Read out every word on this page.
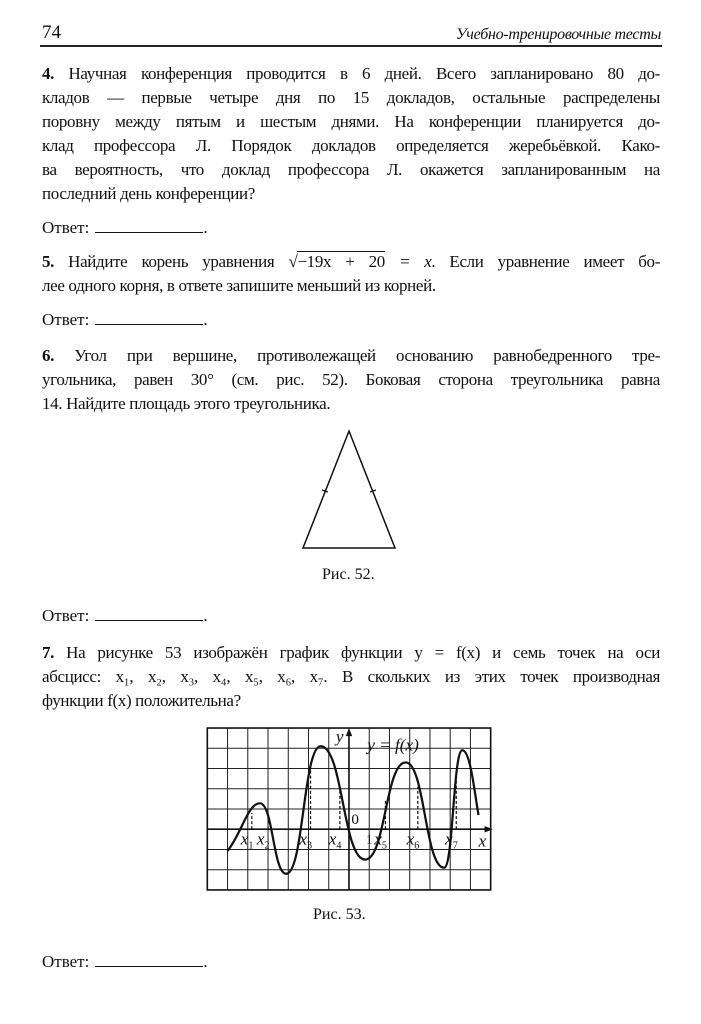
74	Учебно-тренировочные тесты
4. Научная конференция проводится в 6 дней. Всего запланировано 80 до-
кладов — первые четыре дня по 15 докладов, остальные распределены
поровну между пятым и шестым днями. На конференции планируется до-
клад профессора Л. Порядок докладов определяется жеребьёвкой. Како-
ва вероятность, что доклад профессора Л. окажется запланированным на
последний день конференции?
Ответ:	.
5. Найдите корень уравнения √−19x + 20 = x. Если уравнение имеет бо-
лее одного корня, в ответе запишите меньший из корней.
Ответ:	.
6. Угол при вершине, противолежащей основанию равнобедренного тре-
угольника, равен 30° (см. рис. 52). Боковая сторона треугольника равна
14. Найдите площадь этого треугольника.
Рис. 52.
Ответ:	.
7. На рисунке 53 изображён график функции y = f(x) и семь точек на оси
абсцисс: x₁, x₂, x₃, x₄, x₅, x₆, x₇. В скольких из этих точек производная
функции f(x) положительна?
Рис. 53.
Ответ:	.
